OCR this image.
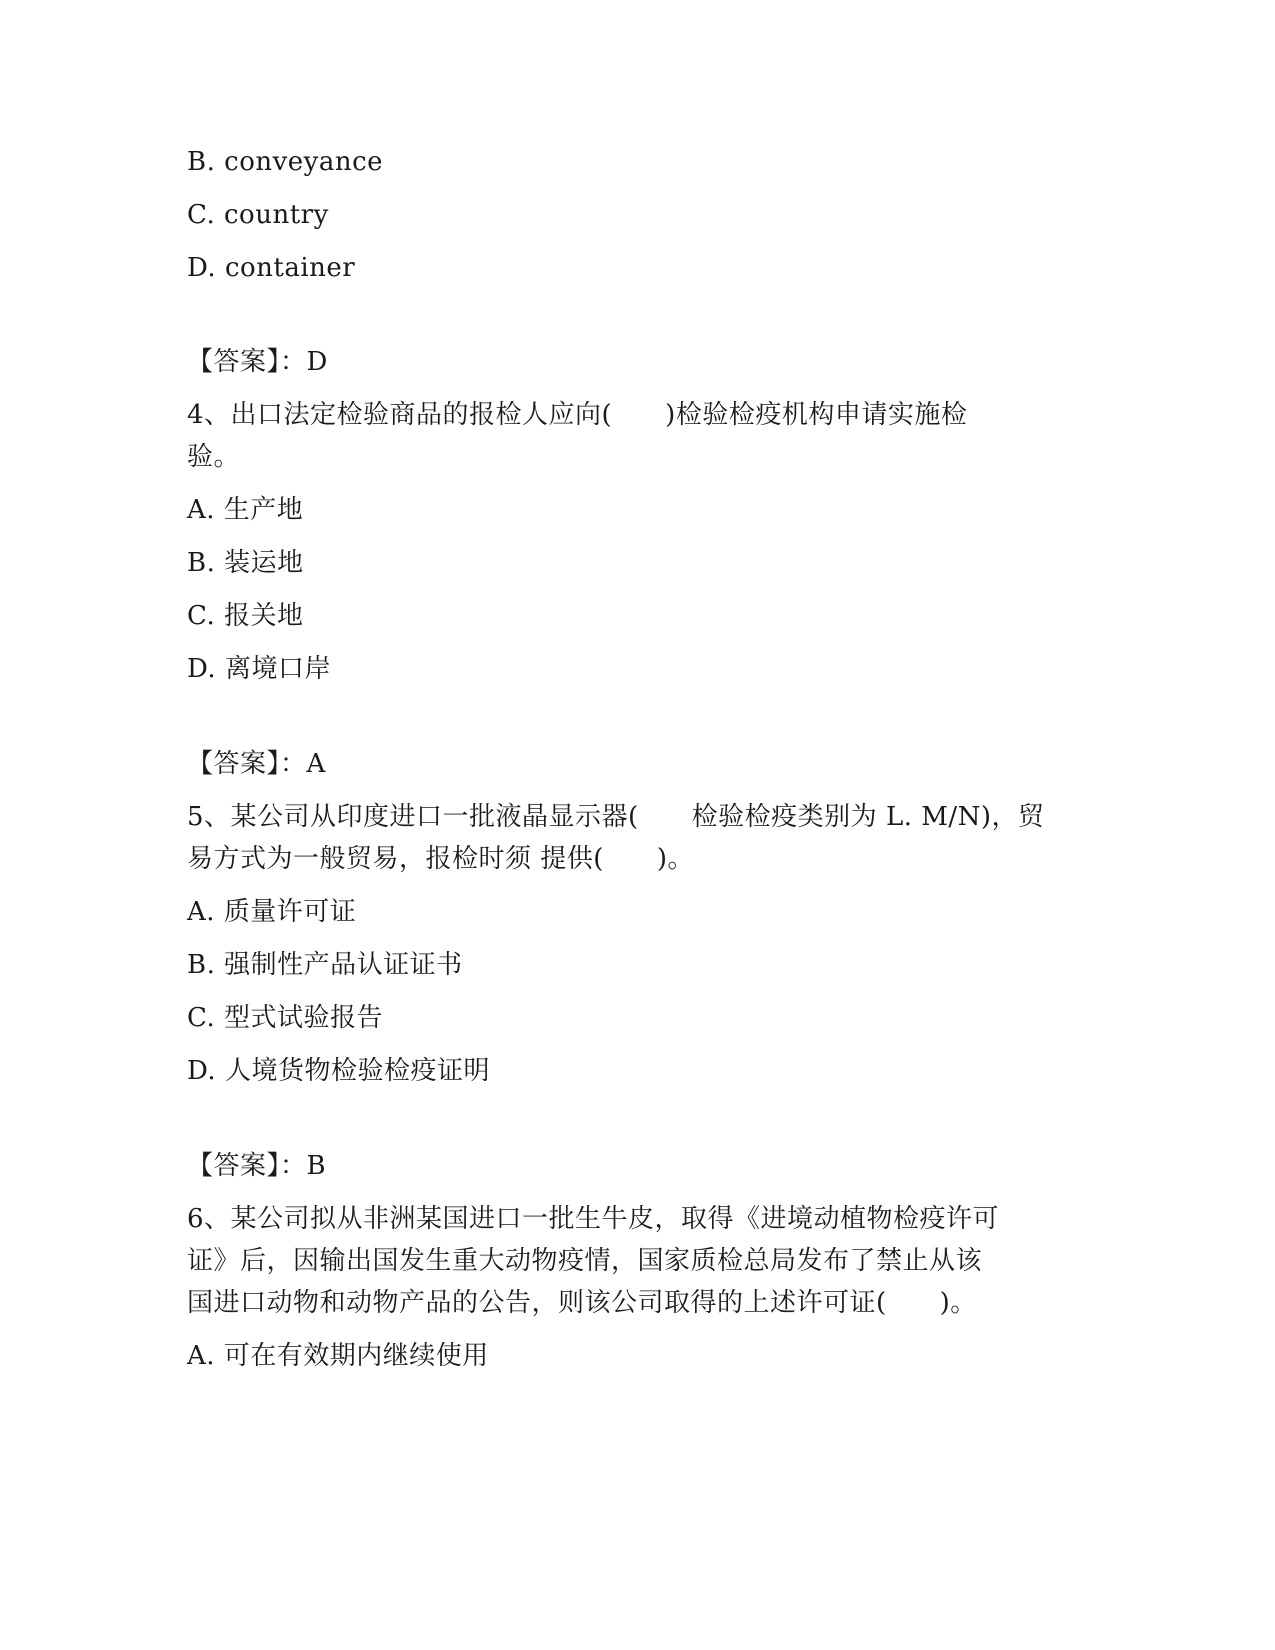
B. conveyance
C. country
D. container
【答案】：D
4、出口法定检验商品的报检人应向(　　)检验检疫机构申请实施检
验。
A. 生产地
B. 装运地
C. 报关地
D. 离境口岸
【答案】：A
5、某公司从印度进口一批液晶显示器(　　检验检疫类别为 L. M/N)，贸
易方式为一般贸易，报检时须 提供(　　)。
A. 质量许可证
B. 强制性产品认证证书
C. 型式试验报告
D. 人境货物检验检疫证明
【答案】：B
6、某公司拟从非洲某国进口一批生牛皮，取得《进境动植物检疫许可
证》后，因输出国发生重大动物疫情，国家质检总局发布了禁止从该
国进口动物和动物产品的公告，则该公司取得的上述许可证(　　)。
A. 可在有效期内继续使用
